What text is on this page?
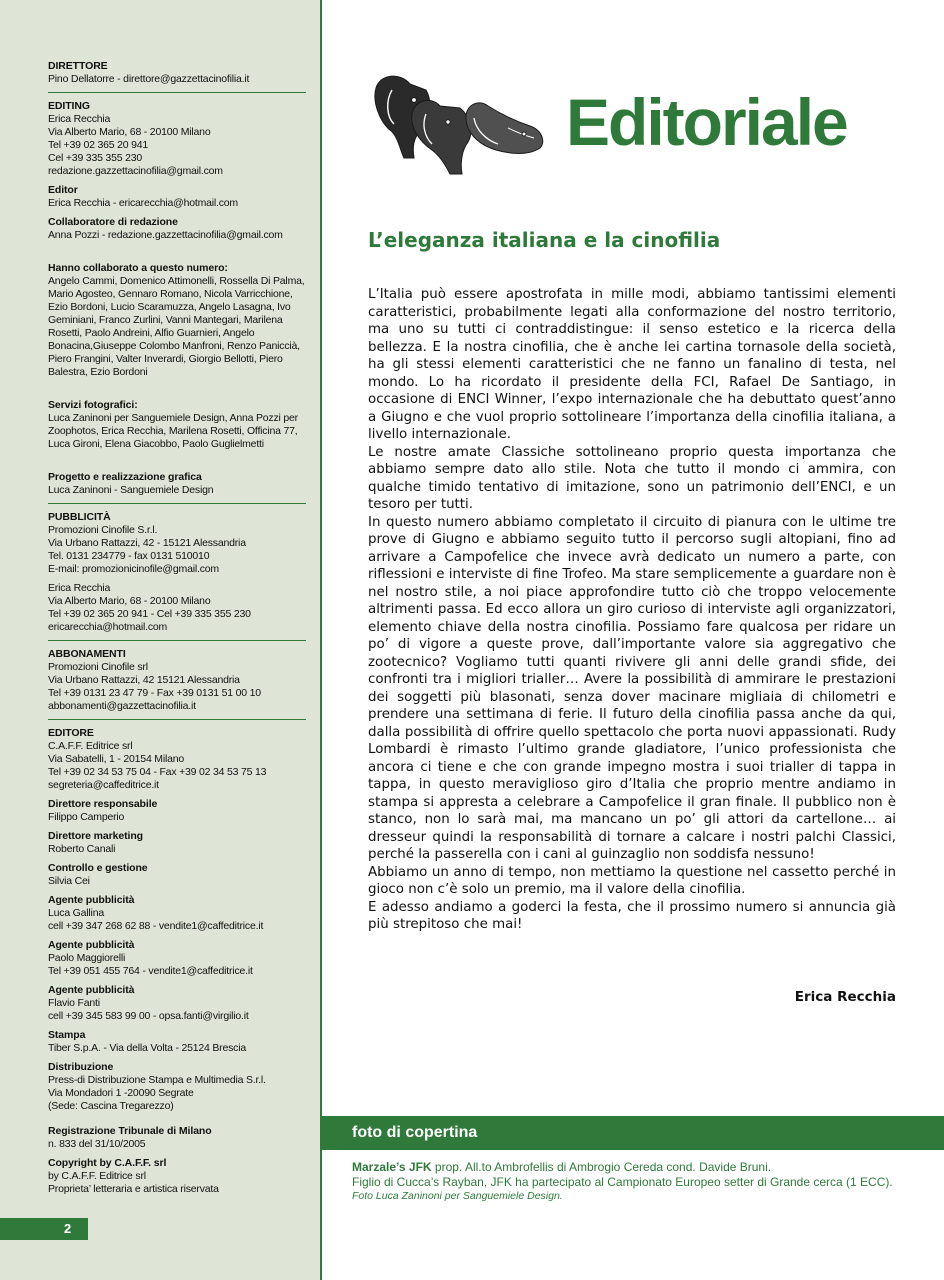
DIRETTORE
Pino Dellatorre - direttore@gazzettacinofilia.it
EDITING
Erica Recchia
Via Alberto Mario, 68 - 20100 Milano
Tel +39 02 365 20 941
Cel +39 335 355 230
redazione.gazzettacinofilia@gmail.com
Editor
Erica Recchia - ericarecchia@hotmail.com
Collaboratore di redazione
Anna Pozzi - redazione.gazzettacinofilia@gmail.com
Hanno collaborato a questo numero:
Angelo Cammi, Domenico Attimonelli, Rossella Di Palma, Mario Agosteo, Gennaro Romano, Nicola Varricchione, Ezio Bordoni, Lucio Scaramuzza, Angelo Lasagna, Ivo Geminiani, Franco Zurlini, Vanni Mantegari, Marilena Rosetti, Paolo Andreini, Alfio Guarnieri, Angelo Bonacina,Giuseppe Colombo Manfroni, Renzo Paniccià, Piero Frangini, Valter Inverardi, Giorgio Bellotti, Piero Balestra, Ezio Bordoni
Servizi fotografici:
Luca Zaninoni per Sanguemiele Design, Anna Pozzi per Zoophotos, Erica Recchia, Marilena Rosetti, Officina 77, Luca Gironi, Elena Giacobbo, Paolo Guglielmetti
Progetto e realizzazione grafica
Luca Zaninoni - Sanguemiele Design
PUBBLICITÀ
Promozioni Cinofile S.r.l.
Via Urbano Rattazzi, 42 - 15121 Alessandria
Tel. 0131 234779 - fax 0131 510010
E-mail: promozionicinofile@gmail.com
Erica Recchia
Via Alberto Mario, 68 - 20100 Milano
Tel +39 02 365 20 941 - Cel +39 335 355 230
ericarecchia@hotmail.com
ABBONAMENTI
Promozioni Cinofile srl
Via Urbano Rattazzi, 42 15121 Alessandria
Tel +39 0131 23 47 79 - Fax +39 0131 51 00 10
abbonamenti@gazzettacinofilia.it
EDITORE
C.A.F.F. Editrice srl
Via Sabatelli, 1 - 20154 Milano
Tel +39 02 34 53 75 04 - Fax +39 02 34 53 75 13
segreteria@caffeditrice.it
Direttore responsabile
Filippo Camperio
Direttore marketing
Roberto Canali
Controllo e gestione
Silvia Cei
Agente pubblicità
Luca Gallina
cell +39 347 268 62 88 - vendite1@caffeditrice.it
Agente pubblicità
Paolo Maggiorelli
Tel +39 051 455 764 - vendite1@caffeditrice.it
Agente pubblicità
Flavio Fanti
cell +39 345 583 99 00 - opsa.fanti@virgilio.it
Stampa
Tiber S.p.A. - Via della Volta - 25124 Brescia
Distribuzione
Press-di Distribuzione Stampa e Multimedia S.r.l.
Via Mondadori 1 -20090 Segrate
(Sede: Cascina Tregarezzo)
Registrazione Tribunale di Milano
n. 833 del 31/10/2005
Copyright by C.A.F.F. srl
by C.A.F.F. Editrice srl
Proprieta’ letteraria e artistica riservata
2
Editoriale
L’eleganza italiana e la cinofilia

L’Italia può essere apostrofata in mille modi, abbiamo tantissimi elementi caratteristici, probabilmente legati alla conformazione del nostro territorio, ma uno su tutti ci contraddistingue: il senso estetico e la ricerca della bellezza. E la nostra cinofilia, che è anche lei cartina tornasole della società, ha gli stessi elementi caratteristici che ne fanno un fanalino di testa, nel mondo. Lo ha ricordato il presidente della FCI, Rafael De Santiago, in occasione di ENCI Winner, l’expo internazionale che ha debuttato quest’anno a Giugno e che vuol proprio sottolineare l’importanza della cinofilia italiana, a livello internazionale.

Le nostre amate Classiche sottolineano proprio questa importanza che abbiamo sempre dato allo stile. Nota che tutto il mondo ci ammira, con qualche timido tentativo di imitazione, sono un patrimonio dell’ENCI, e un tesoro per tutti.

In questo numero abbiamo completato il circuito di pianura con le ultime tre prove di Giugno e abbiamo seguito tutto il percorso sugli altopiani, fino ad arrivare a Campofelice che invece avrà dedicato un numero a parte, con riflessioni e interviste di fine Trofeo. Ma stare semplicemente a guardare non è nel nostro stile, a noi piace approfondire tutto ciò che troppo velocemente altrimenti passa. Ed ecco allora un giro curioso di interviste agli organizzatori, elemento chiave della nostra cinofilia. Possiamo fare qualcosa per ridare un po’ di vigore a queste prove, dall’importante valore sia aggregativo che zootecnico? Vogliamo tutti quanti rivivere gli anni delle grandi sfide, dei confronti tra i migliori trialler… Avere la possibilità di ammirare le prestazioni dei soggetti più blasonati, senza dover macinare migliaia di chilometri e prendere una settimana di ferie. Il futuro della cinofilia passa anche da qui, dalla possibilità di offrire quello spettacolo che porta nuovi appassionati. Rudy Lombardi è rimasto l’ultimo grande gladiatore, l’unico professionista che ancora ci tiene e che con grande impegno mostra i suoi trialler di tappa in tappa, in questo meraviglioso giro d’Italia che proprio mentre andiamo in stampa si appresta a celebrare a Campofelice il gran finale. Il pubblico non è stanco, non lo sarà mai, ma mancano un po’ gli attori da cartellone… ai dresseur quindi la responsabilità di tornare a calcare i nostri palchi Classici, perché la passerella con i cani al guinzaglio non soddisfa nessuno!

Abbiamo un anno di tempo, non mettiamo la questione nel cassetto perché in gioco non c’è solo un premio, ma il valore della cinofilia.

E adesso andiamo a goderci la festa, che il prossimo numero si annuncia già più strepitoso che mai!

Erica Recchia
foto di copertina
Marzale’s JFK prop. All.to Ambrofellis di Ambrogio Cereda cond. Davide Bruni.
Figlio di Cucca’s Rayban, JFK ha partecipato al Campionato Europeo setter di Grande cerca (1 ECC).
Foto Luca Zaninoni per Sanguemiele Design.
